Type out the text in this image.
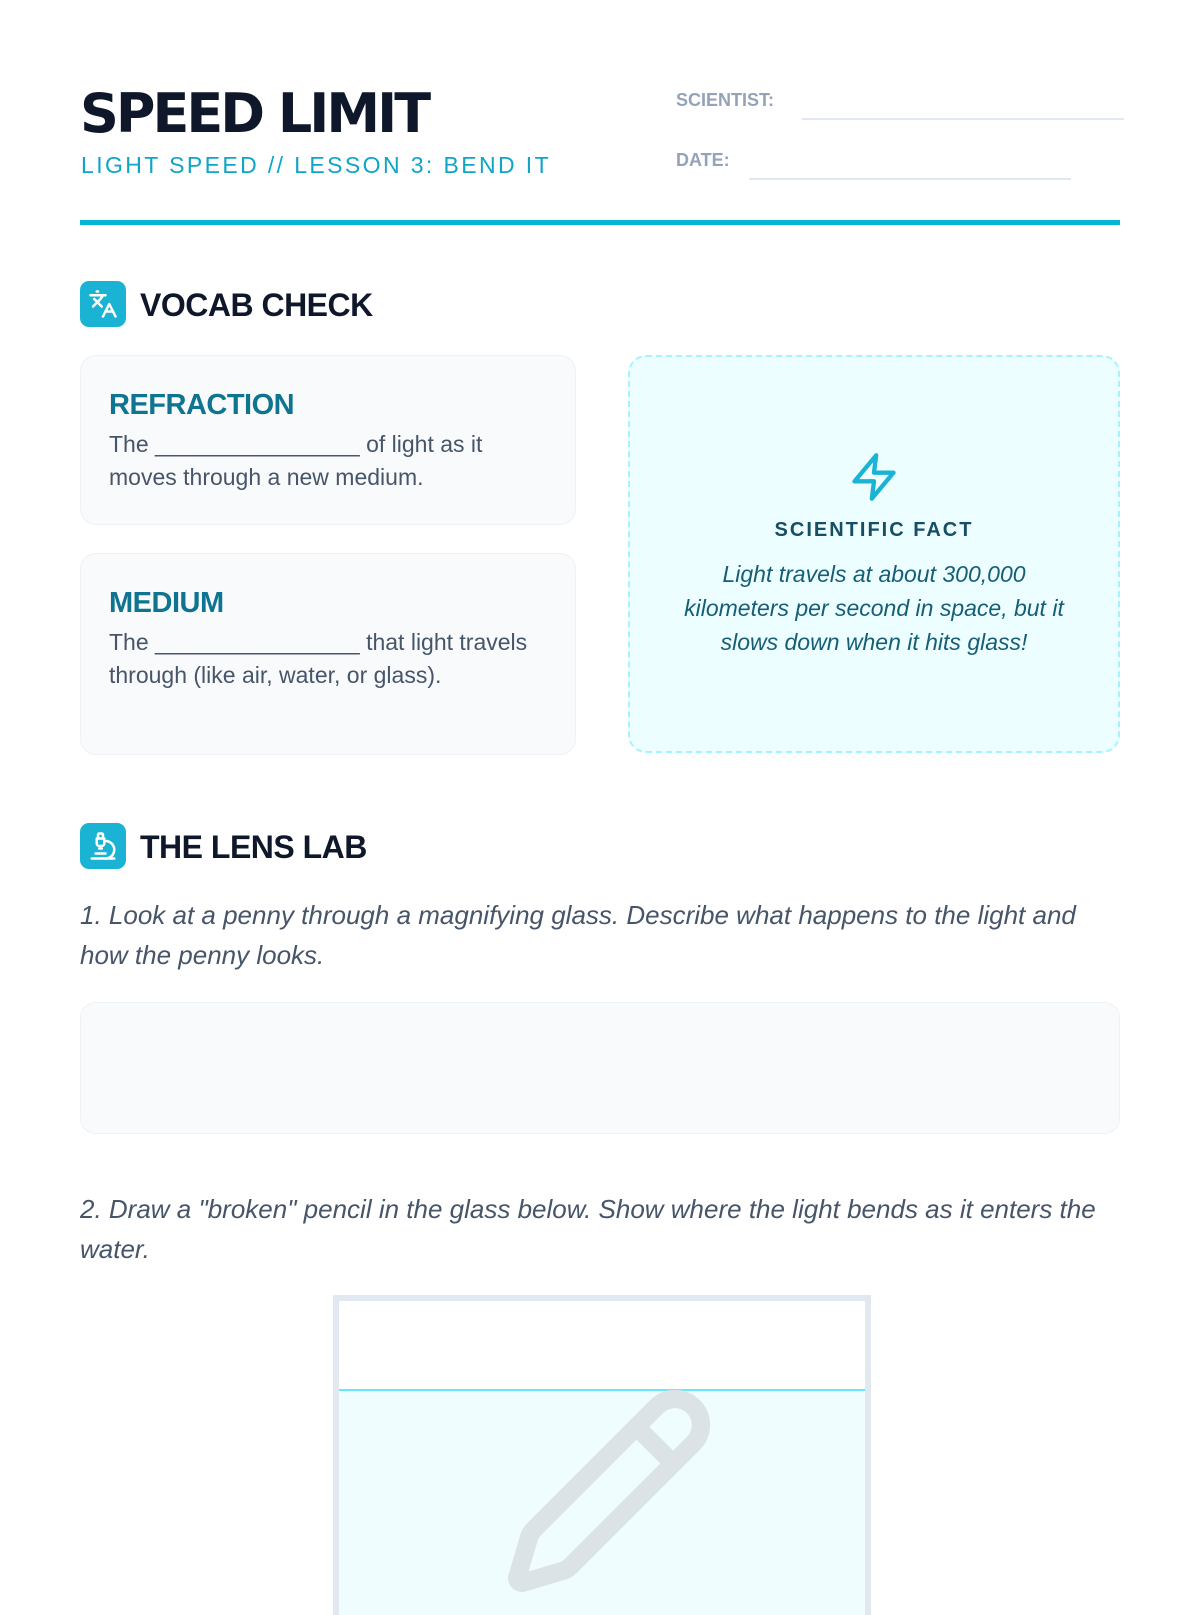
SPEED LIMIT
LIGHT SPEED // LESSON 3: BEND IT
SCIENTIST:
DATE:
VOCAB CHECK
REFRACTION
The ________________ of light as it moves through a new medium.
MEDIUM
The ________________ that light travels through (like air, water, or glass).
SCIENTIFIC FACT
Light travels at about 300,000 kilometers per second in space, but it slows down when it hits glass!
THE LENS LAB
1. Look at a penny through a magnifying glass. Describe what happens to the light and how the penny looks.
2. Draw a "broken" pencil in the glass below. Show where the light bends as it enters the water.
